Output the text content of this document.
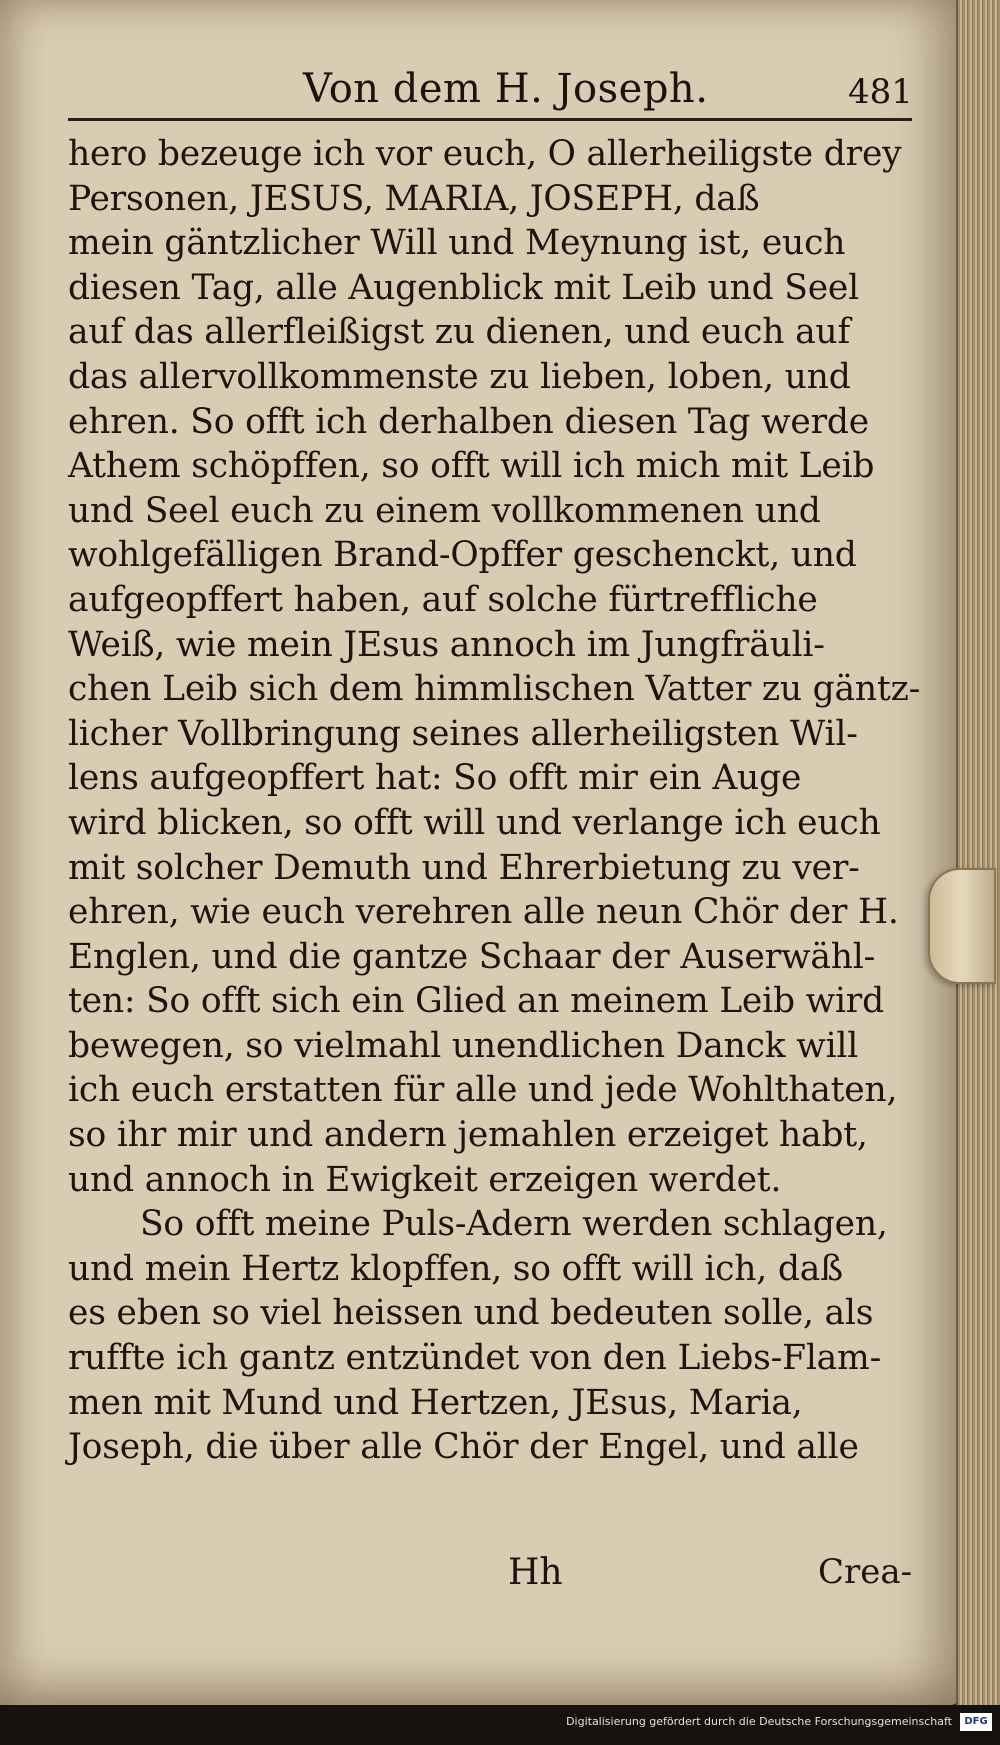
Von dem H. Joseph.	481
hero bezeuge ich vor euch, O allerheiligste drey
Personen, JESUS, MARIA, JOSEPH, daß
mein gäntzlicher Will und Meynung ist, euch
diesen Tag, alle Augenblick mit Leib und Seel
auf das allerfleißigst zu dienen, und euch auf
das allervollkommenste zu lieben, loben, und
ehren. So offt ich derhalben diesen Tag werde
Athem schöpffen, so offt will ich mich mit Leib
und Seel euch zu einem vollkommenen und
wohlgefälligen Brand-Opffer geschenckt, und
aufgeopffert haben, auf solche fürtreffliche
Weiß, wie mein JEsus annoch im Jungfräuli-
chen Leib sich dem himmlischen Vatter zu gäntz-
licher Vollbringung seines allerheiligsten Wil-
lens aufgeopffert hat: So offt mir ein Auge
wird blicken, so offt will und verlange ich euch
mit solcher Demuth und Ehrerbietung zu ver-
ehren, wie euch verehren alle neun Chör der H.
Englen, und die gantze Schaar der Auserwähl-
ten: So offt sich ein Glied an meinem Leib wird
bewegen, so vielmahl unendlichen Danck will
ich euch erstatten für alle und jede Wohlthaten,
so ihr mir und andern jemahlen erzeiget habt,
und annoch in Ewigkeit erzeigen werdet.
So offt meine Puls-Adern werden schlagen,
und mein Hertz klopffen, so offt will ich, daß
es eben so viel heissen und bedeuten solle, als
ruffte ich gantz entzündet von den Liebs-Flam-
men mit Mund und Hertzen, JEsus, Maria,
Joseph, die über alle Chör der Engel, und alle
Hh	Crea-
Digitalisierung gefördert durch die Deutsche Forschungsgemeinschaft	DFG
